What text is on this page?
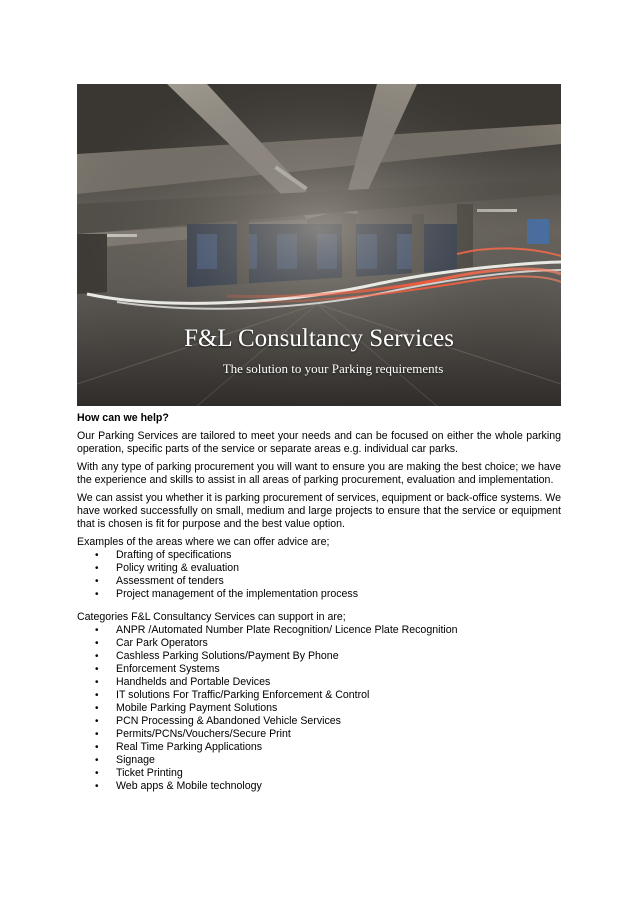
F&L Consultancy Services
The solution to your Parking requirements
How can we help?

Our Parking Services are tailored to meet your needs and can be focused on either the whole parking operation, specific parts of the service or separate areas e.g. individual car parks.

With any type of parking procurement you will want to ensure you are making the best choice; we have the experience and skills to assist in all areas of parking procurement, evaluation and implementation.

We can assist you whether it is parking procurement of services, equipment or back-office systems. We have worked successfully on small, medium and large projects to ensure that the service or equipment that is chosen is fit for purpose and the best value option.

Examples of the areas where we can offer advice are;
• Drafting of specifications
• Policy writing & evaluation
• Assessment of tenders
• Project management of the implementation process
Categories F&L Consultancy Services can support in are;
• ANPR /Automated Number Plate Recognition/ Licence Plate Recognition
• Car Park Operators
• Cashless Parking Solutions/Payment By Phone
• Enforcement Systems
• Handhelds and Portable Devices
• IT solutions For Traffic/Parking Enforcement & Control
• Mobile Parking Payment Solutions
• PCN Processing & Abandoned Vehicle Services
• Permits/PCNs/Vouchers/Secure Print
• Real Time Parking Applications
• Signage
• Ticket Printing
• Web apps & Mobile technology
